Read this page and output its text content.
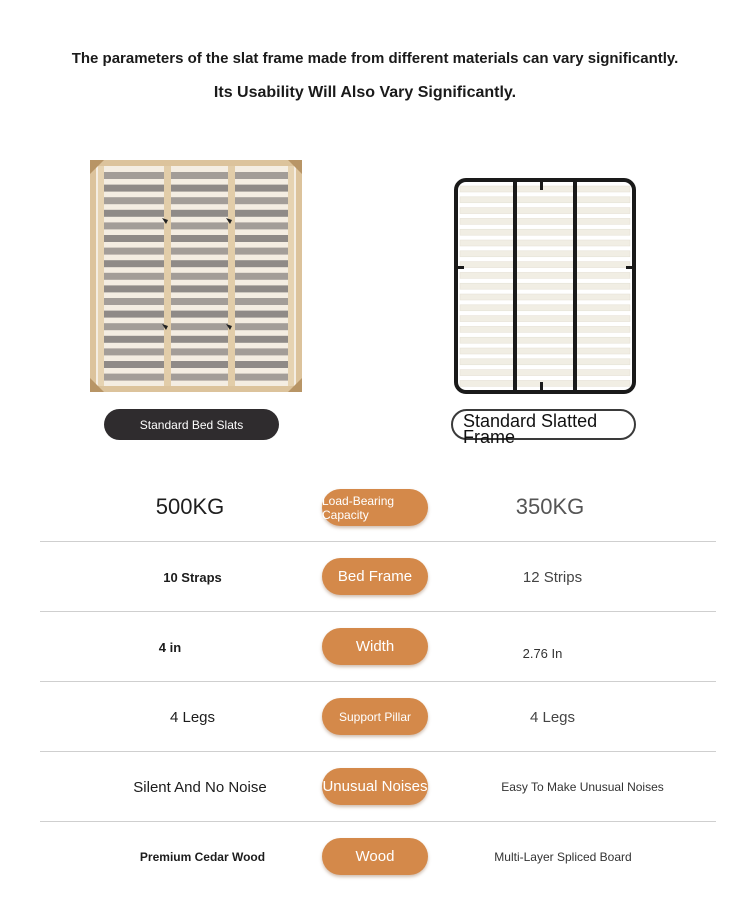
The parameters of the slat frame made from different materials can vary significantly.
Its Usability Will Also Vary Significantly.
Standard Bed Slats	Standard Slatted Frame
500KG	Load-Bearing Capacity	350KG
10 Straps	Bed Frame	12 Strips
4 in	Width	2.76 In
4 Legs	Support Pillar	4 Legs
Silent And No Noise	Unusual Noises	Easy To Make Unusual Noises
Premium Cedar Wood	Wood	Multi-Layer Spliced Board
